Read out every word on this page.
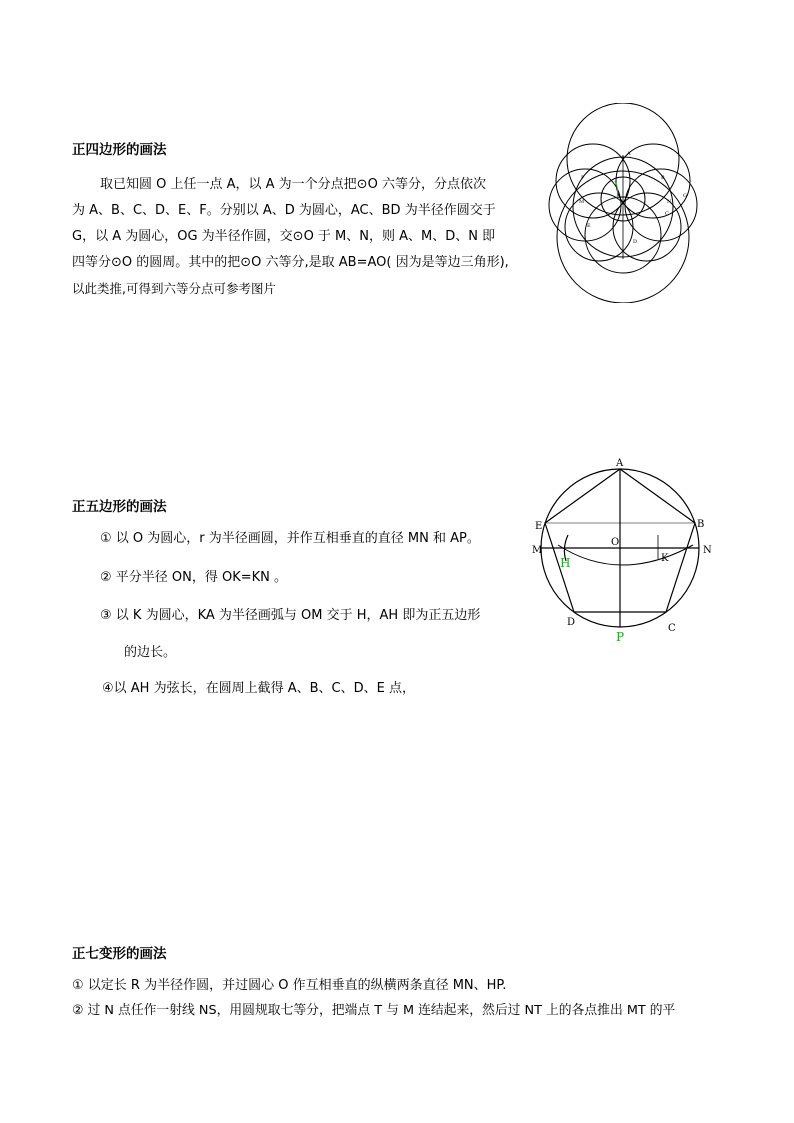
正四边形的画法
取已知圆 O 上任一点 A，以 A 为一个分点把⊙O 六等分，分点依次
为 A、B、C、D、E、F。分别以 A、D 为圆心，AC、BD 为半径作圆交于
G，以 A 为圆心，OG 为半径作圆，交⊙O 于 M、N，则 A、M、D、N 即
四等分⊙O 的圆周。其中的把⊙O 六等分,是取 AB=AO( 因为是等边三角形),
以此类推,可得到六等分点可参考图片
A
B
C
D
E
F
G
M	N
正五边形的画法
① 以 O 为圆心，r 为半径画圆，并作互相垂直的直径 MN 和 AP。
② 平分半径 ON，得 OK=KN 。
③ 以 K 为圆心，KA 为半径画弧与 OM 交于 H，AH 即为正五边形
的边长。
④以 AH 为弦长，在圆周上截得 A、B、C、D、E 点，
A
E	B
M	N
O
K
D
C
H
P
正七变形的画法
① 以定长 R 为半径作圆，并过圆心 O 作互相垂直的纵横两条直径 MN、HP.
② 过 N 点任作一射线 NS，用圆规取七等分，把端点 T 与 M 连结起来，然后过 NT 上的各点推出 MT 的平
